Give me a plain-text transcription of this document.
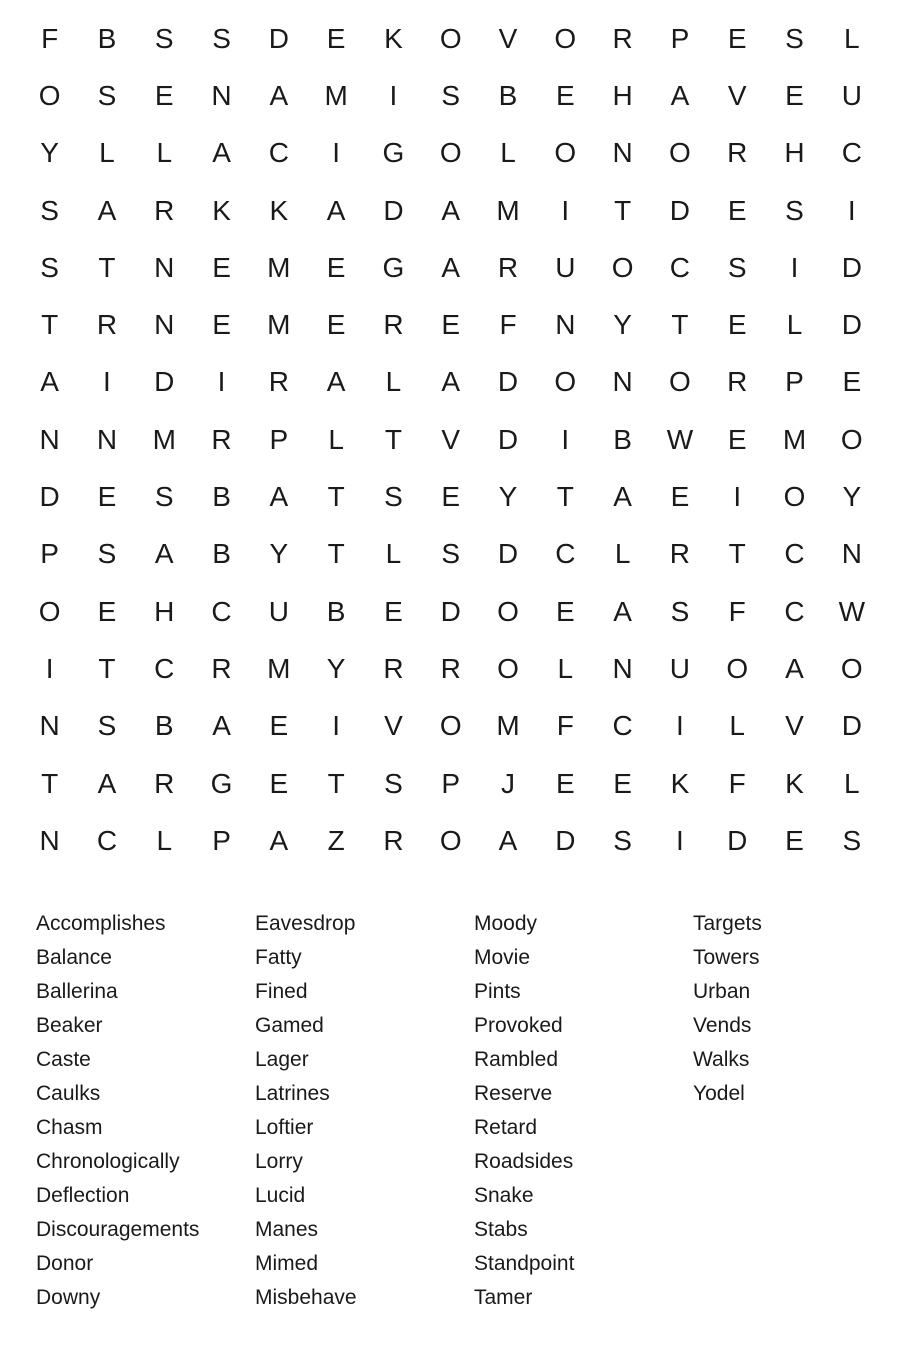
F	B	S	S	D	E	K	O	V	O	R	P	E	S	L
O	S	E	N	A	M	I	S	B	E	H	A	V	E	U
Y	L	L	A	C	I	G	O	L	O	N	O	R	H	C
S	A	R	K	K	A	D	A	M	I	T	D	E	S	I
S	T	N	E	M	E	G	A	R	U	O	C	S	I	D
T	R	N	E	M	E	R	E	F	N	Y	T	E	L	D
A	I	D	I	R	A	L	A	D	O	N	O	R	P	E
N	N	M	R	P	L	T	V	D	I	B	W	E	M	O
D	E	S	B	A	T	S	E	Y	T	A	E	I	O	Y
P	S	A	B	Y	T	L	S	D	C	L	R	T	C	N
O	E	H	C	U	B	E	D	O	E	A	S	F	C	W
I	T	C	R	M	Y	R	R	O	L	N	U	O	A	O
N	S	B	A	E	I	V	O	M	F	C	I	L	V	D
T	A	R	G	E	T	S	P	J	E	E	K	F	K	L
N	C	L	P	A	Z	R	O	A	D	S	I	D	E	S
Accomplishes
Balance
Ballerina
Beaker
Caste
Caulks
Chasm
Chronologically
Deflection
Discouragements
Donor
Downy
Eavesdrop
Fatty
Fined
Gamed
Lager
Latrines
Loftier
Lorry
Lucid
Manes
Mimed
Misbehave
Moody
Movie
Pints
Provoked
Rambled
Reserve
Retard
Roadsides
Snake
Stabs
Standpoint
Tamer
Targets
Towers
Urban
Vends
Walks
Yodel
